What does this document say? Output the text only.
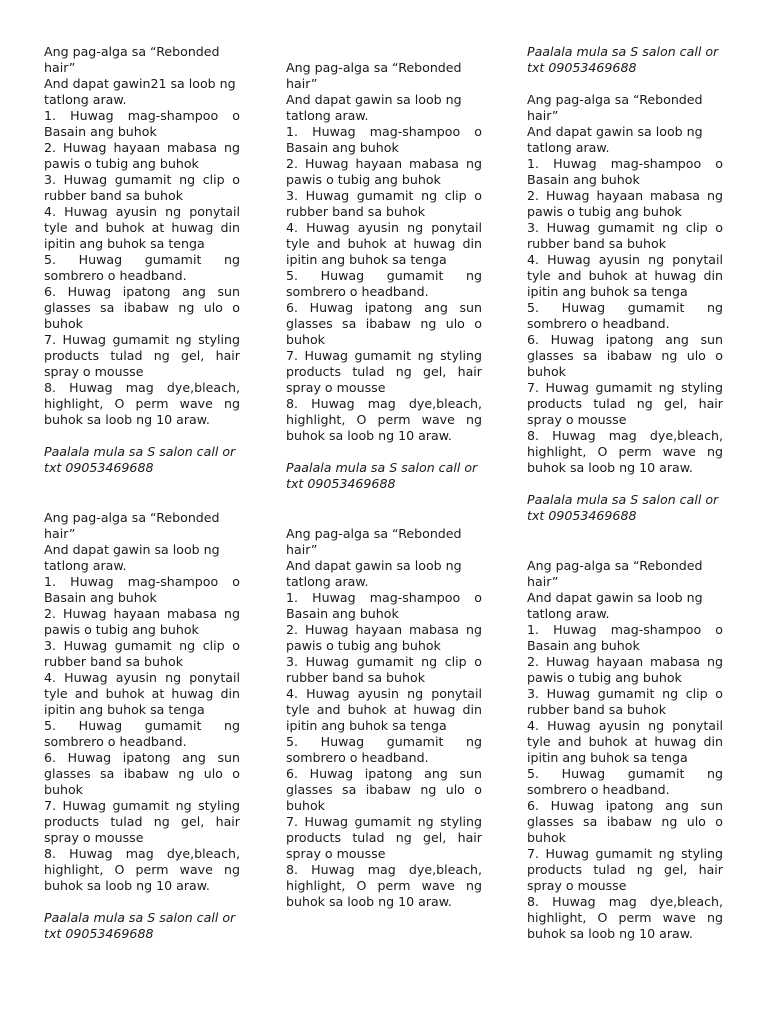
Ang pag-alga sa “Rebonded hair”

And dapat gawin21 sa loob ng tatlong araw.

1. Huwag mag-shampoo o Basain ang buhok

2. Huwag hayaan mabasa ng pawis o tubig ang buhok

3. Huwag gumamit ng clip o rubber band sa buhok

4. Huwag ayusin ng ponytail tyle and buhok at huwag din ipitin ang buhok sa tenga

5. Huwag gumamit ng sombrero o headband.

6. Huwag ipatong ang sun glasses sa ibabaw ng ulo o buhok

7. Huwag gumamit ng styling products tulad ng gel, hair spray o mousse

8. Huwag mag dye,bleach, highlight, O perm wave ng buhok sa loob ng 10 araw.

Paalala mula sa S salon call or txt 09053469688

Ang pag-alga sa “Rebonded hair”

And dapat gawin sa loob ng tatlong araw.

1. Huwag mag-shampoo o Basain ang buhok

2. Huwag hayaan mabasa ng pawis o tubig ang buhok

3. Huwag gumamit ng clip o rubber band sa buhok

4. Huwag ayusin ng ponytail tyle and buhok at huwag din ipitin ang buhok sa tenga

5. Huwag gumamit ng sombrero o headband.

6. Huwag ipatong ang sun glasses sa ibabaw ng ulo o buhok

7. Huwag gumamit ng styling products tulad ng gel, hair spray o mousse

8. Huwag mag dye,bleach, highlight, O perm wave ng buhok sa loob ng 10 araw.

Paalala mula sa S salon call or txt 09053469688

Ang pag-alga sa “Rebonded hair”

And dapat gawin sa loob ng tatlong araw.

1. Huwag mag-shampoo o Basain ang buhok

2. Huwag hayaan mabasa ng pawis o tubig ang buhok

3. Huwag gumamit ng clip o rubber band sa buhok

4. Huwag ayusin ng ponytail tyle and buhok at huwag din ipitin ang buhok sa tenga

5. Huwag gumamit ng sombrero o headband.

6. Huwag ipatong ang sun glasses sa ibabaw ng ulo o buhok

7. Huwag gumamit ng styling products tulad ng gel, hair spray o mousse

8. Huwag mag dye,bleach, highlight, O perm wave ng buhok sa loob ng 10 araw.

Paalala mula sa S salon call or txt 09053469688

Ang pag-alga sa “Rebonded hair”

And dapat gawin sa loob ng tatlong araw.

1. Huwag mag-shampoo o Basain ang buhok

2. Huwag hayaan mabasa ng pawis o tubig ang buhok

3. Huwag gumamit ng clip o rubber band sa buhok

4. Huwag ayusin ng ponytail tyle and buhok at huwag din ipitin ang buhok sa tenga

5. Huwag gumamit ng sombrero o headband.

6. Huwag ipatong ang sun glasses sa ibabaw ng ulo o buhok

7. Huwag gumamit ng styling products tulad ng gel, hair spray o mousse

8. Huwag mag dye,bleach, highlight, O perm wave ng buhok sa loob ng 10 araw.

Paalala mula sa S salon call or txt 09053469688

Ang pag-alga sa “Rebonded hair”

And dapat gawin sa loob ng tatlong araw.

1. Huwag mag-shampoo o Basain ang buhok

2. Huwag hayaan mabasa ng pawis o tubig ang buhok

3. Huwag gumamit ng clip o rubber band sa buhok

4. Huwag ayusin ng ponytail tyle and buhok at huwag din ipitin ang buhok sa tenga

5. Huwag gumamit ng sombrero o headband.

6. Huwag ipatong ang sun glasses sa ibabaw ng ulo o buhok

7. Huwag gumamit ng styling products tulad ng gel, hair spray o mousse

8. Huwag mag dye,bleach, highlight, O perm wave ng buhok sa loob ng 10 araw.

Paalala mula sa S salon call or txt 09053469688

Ang pag-alga sa “Rebonded hair”

And dapat gawin sa loob ng tatlong araw.

1. Huwag mag-shampoo o Basain ang buhok

2. Huwag hayaan mabasa ng pawis o tubig ang buhok

3. Huwag gumamit ng clip o rubber band sa buhok

4. Huwag ayusin ng ponytail tyle and buhok at huwag din ipitin ang buhok sa tenga

5. Huwag gumamit ng sombrero o headband.

6. Huwag ipatong ang sun glasses sa ibabaw ng ulo o buhok

7. Huwag gumamit ng styling products tulad ng gel, hair spray o mousse

8. Huwag mag dye,bleach, highlight, O perm wave ng buhok sa loob ng 10 araw.
